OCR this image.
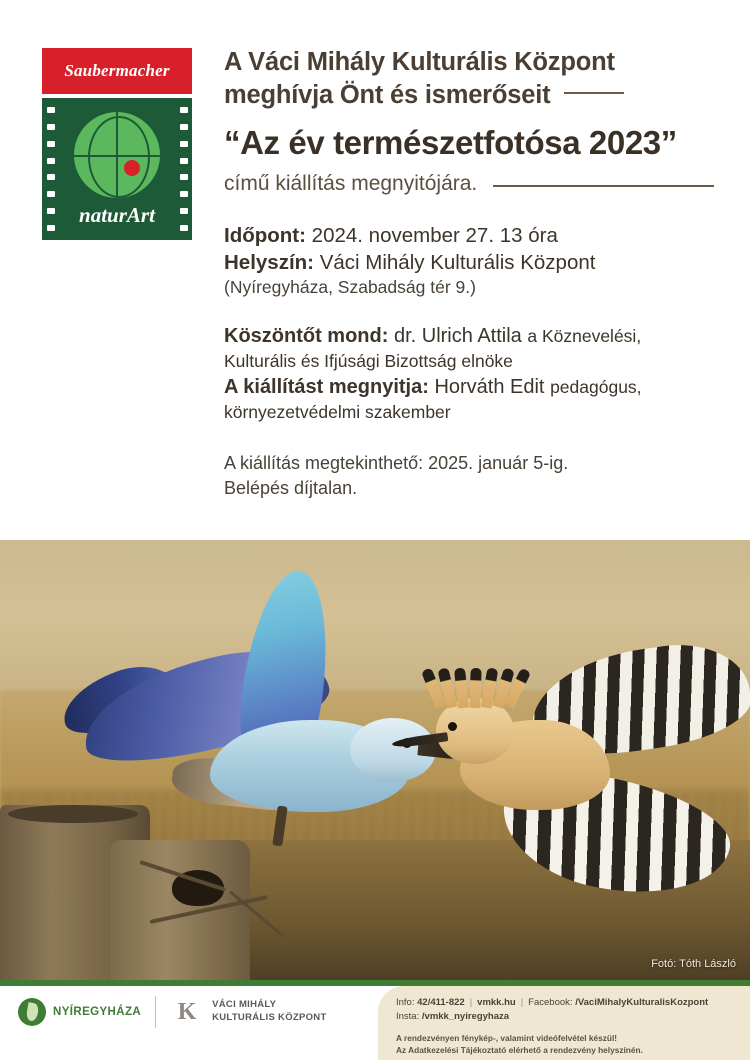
Saubermacher
naturArt
A Váci Mihály Kulturális Központ
meghívja Önt és ismerőseit
“Az év természetfotósa 2023”
című kiállítás megnyitójára.
Időpont: 2024. november 27. 13 óra
Helyszín: Váci Mihály Kulturális Központ
(Nyíregyháza, Szabadság tér 9.)
Köszöntőt mond: dr. Ulrich Attila a Köznevelési,
Kulturális és Ifjúsági Bizottság elnöke
A kiállítást megnyitja: Horváth Edit pedagógus,
környezetvédelmi szakember
A kiállítás megtekinthető: 2025. január 5-ig.
Belépés díjtalan.
Fotó: Tóth László
NYÍREGYHÁZA	K	VÁCI MIHÁLY
KULTURÁLIS KÖZPONT
Info: 42/411-822 | vmkk.hu | Facebook: /VaciMihalyKulturalisKozpont
Insta: /vmkk_nyiregyhaza
A rendezvényen fénykép-, valamint videófelvétel készül!
Az Adatkezelési Tájékoztató elérhető a rendezvény helyszínén.
